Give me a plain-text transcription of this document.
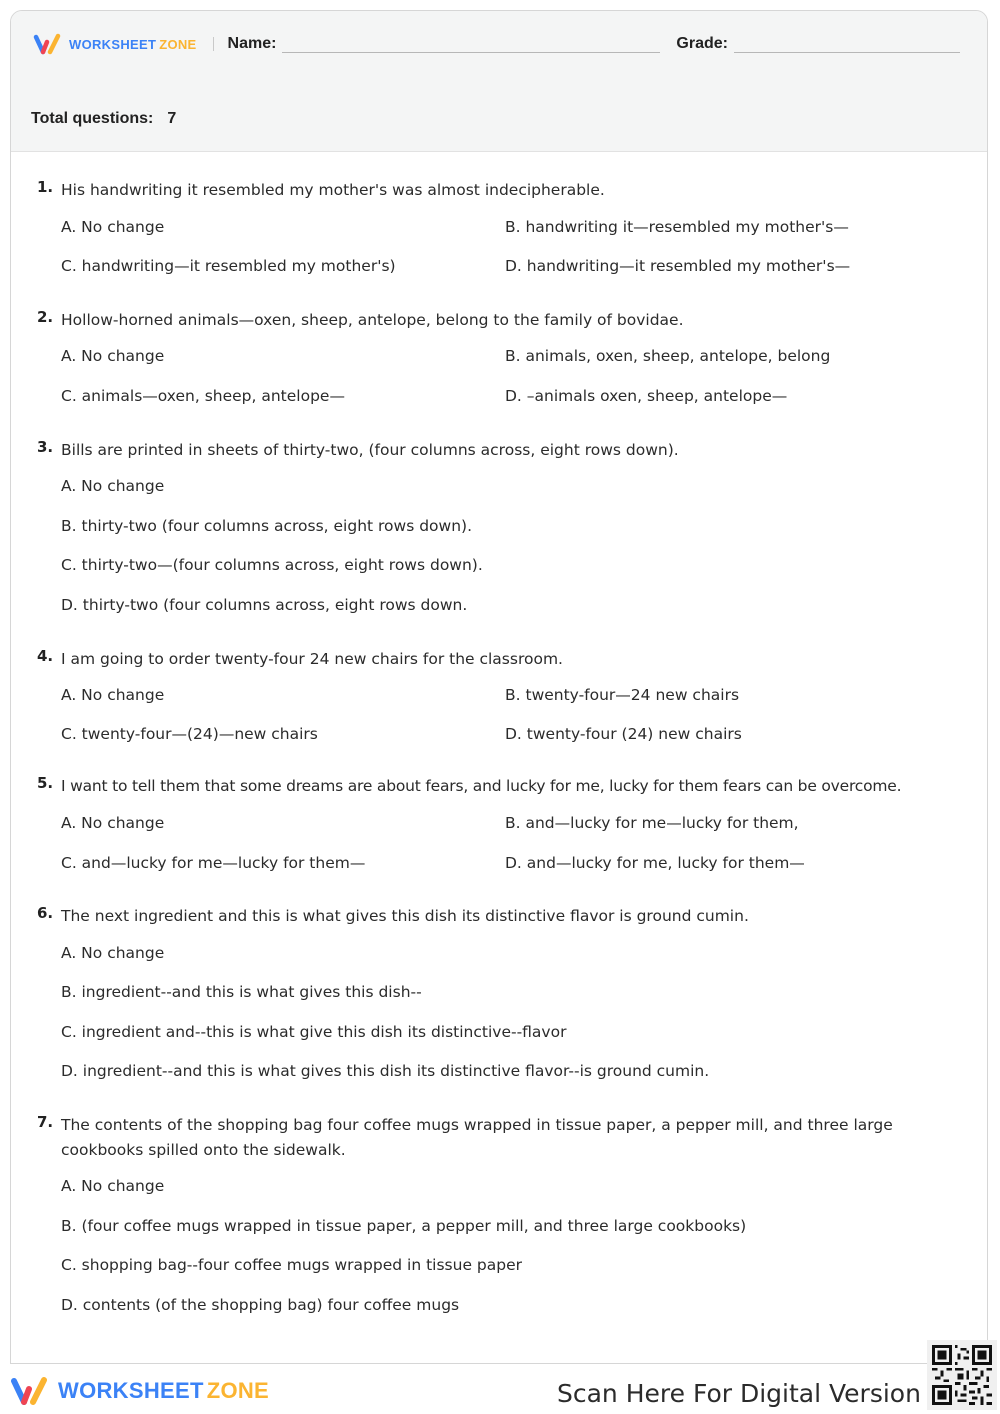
WORKSHEET ZONE Name:	Grade:
Total questions: 7
1. His handwriting it resembled my mother's was almost indecipherable.
A. No change	B. handwriting it—resembled my mother's—
C. handwriting—it resembled my mother's)	D. handwriting—it resembled my mother's—
2. Hollow-horned animals—oxen, sheep, antelope, belong to the family of bovidae.
A. No change	B. animals, oxen, sheep, antelope, belong
C. animals—oxen, sheep, antelope—	D. –animals oxen, sheep, antelope—
3. Bills are printed in sheets of thirty-two, (four columns across, eight rows down).
A. No change
B. thirty-two (four columns across, eight rows down).
C. thirty-two—(four columns across, eight rows down).
D. thirty-two (four columns across, eight rows down.
4. I am going to order twenty-four 24 new chairs for the classroom.
A. No change	B. twenty-four—24 new chairs
C. twenty-four—(24)—new chairs	D. twenty-four (24) new chairs
5. I want to tell them that some dreams are about fears, and lucky for me, lucky for them fears can be overcome.
A. No change	B. and—lucky for me—lucky for them,
C. and—lucky for me—lucky for them—	D. and—lucky for me, lucky for them—
6. The next ingredient and this is what gives this dish its distinctive flavor is ground cumin.
A. No change
B. ingredient--and this is what gives this dish--
C. ingredient and--this is what give this dish its distinctive--flavor
D. ingredient--and this is what gives this dish its distinctive flavor--is ground cumin.
7. The contents of the shopping bag four coffee mugs wrapped in tissue paper, a pepper mill, and three large cookbooks spilled onto the sidewalk.
A. No change
B. (four coffee mugs wrapped in tissue paper, a pepper mill, and three large cookbooks)
C. shopping bag--four coffee mugs wrapped in tissue paper
D. contents (of the shopping bag) four coffee mugs
WORKSHEET ZONE	Scan Here For Digital Version
